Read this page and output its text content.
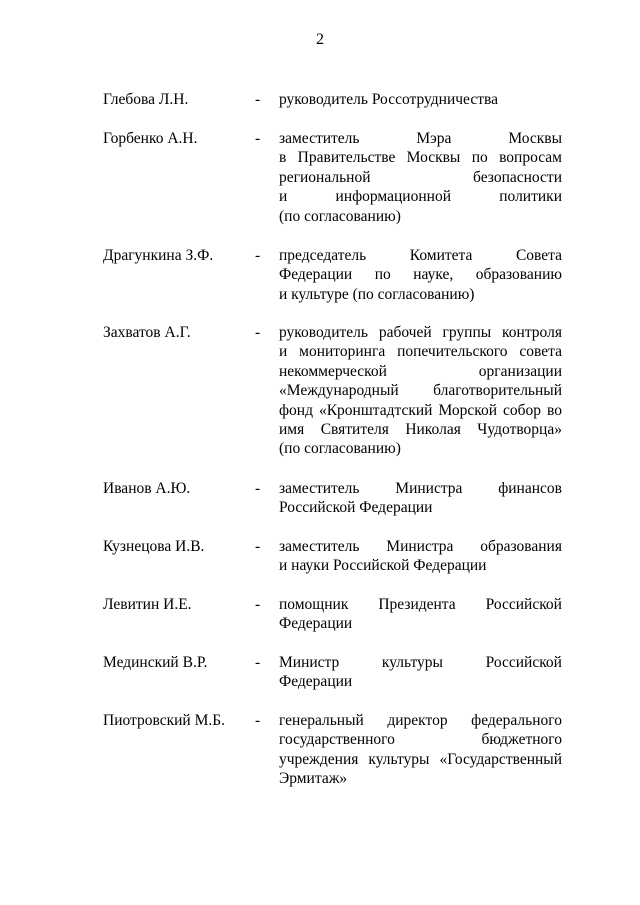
2
Глебова Л.Н.	- руководитель Россотрудничества
Горбенко А.Н.	- заместитель	Мэра	Москвы
в Правительстве Москвы по вопросам
региональной	безопасности
и	информационной	политики
(по согласованию)
Драгункина З.Ф.	- председатель	Комитета	Совета
Федерации по науке, образованию
и культуре (по согласованию)
Захватов А.Г.	- руководитель рабочей группы контроля
и мониторинга попечительского совета
некоммерческой	организации
«Международный благотворительный
фонд «Кронштадтский Морской собор во
имя Святителя Николая Чудотворца»
(по согласованию)
Иванов А.Ю.	- заместитель Министра финансов
Российской Федерации
Кузнецова И.В.	- заместитель Министра образования
и науки Российской Федерации
Левитин И.Е.	- помощник Президента Российской
Федерации
Мединский В.Р.	- Министр	культуры	Российской
Федерации
Пиотровский М.Б. - генеральный директор федерального
государственного	бюджетного
учреждения культуры «Государственный
Эрмитаж»
